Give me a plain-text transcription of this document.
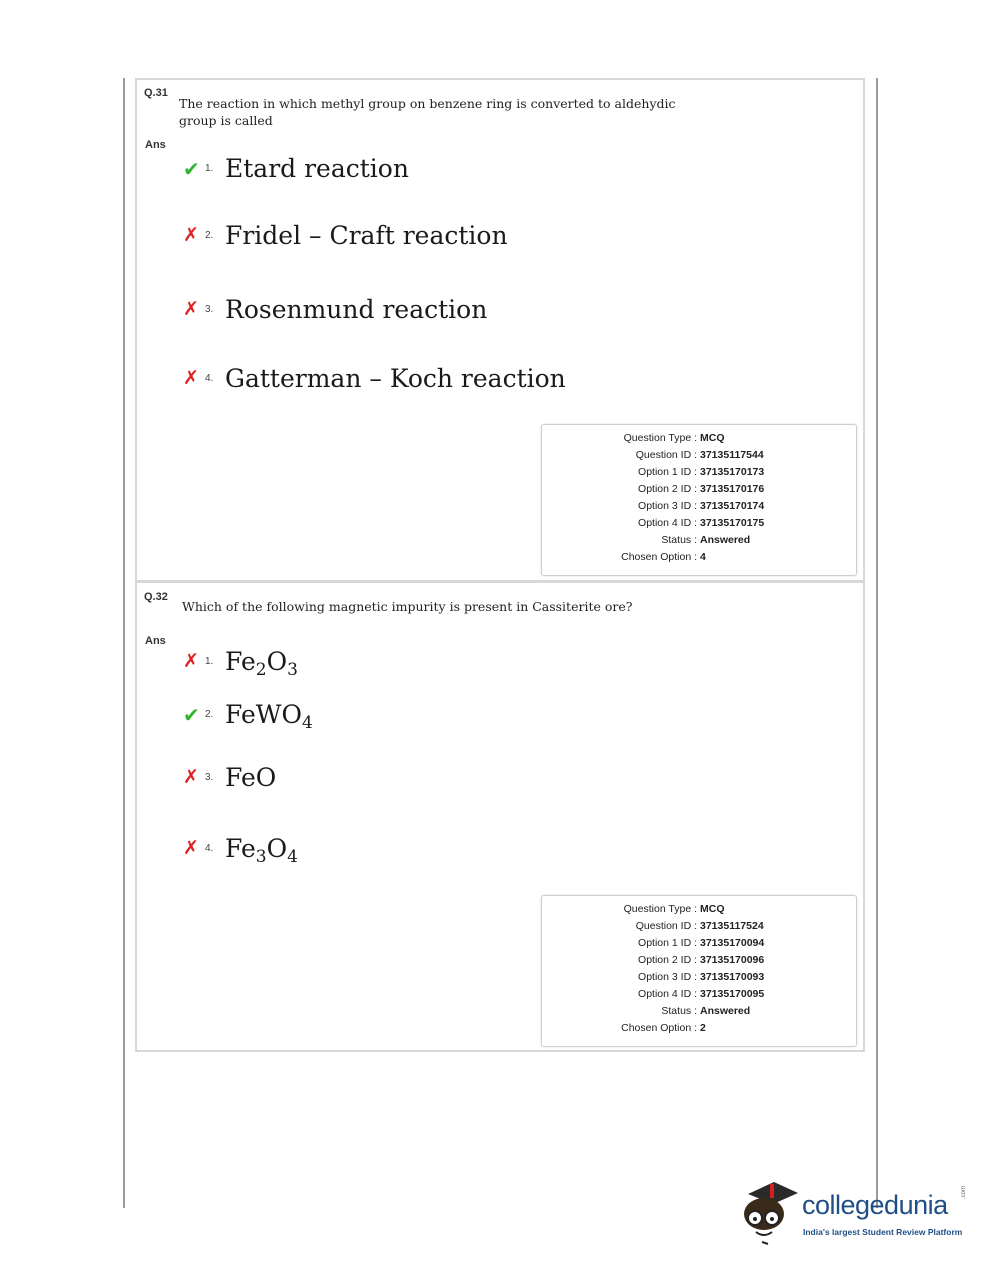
Q.31
The reaction in which methyl group on benzene ring is converted to aldehydic
group is called
Ans
✔ 1. Etard reaction
✗ 2. Fridel – Craft reaction
✗ 3. Rosenmund reaction
✗ 4. Gatterman – Koch reaction
Question Type : MCQ
Question ID : 37135117544
Option 1 ID : 37135170173
Option 2 ID : 37135170176
Option 3 ID : 37135170174
Option 4 ID : 37135170175
Status : Answered
Chosen Option : 4
Q.32
Which of the following magnetic impurity is present in Cassiterite ore?
Ans
✗ 1. $Fe_2O_3$
✔ 2. FeWO$_4$
✗ 3. FeO
✗ 4. $Fe_3O_4$
Question Type : MCQ
Question ID : 37135117524
Option 1 ID : 37135170094
Option 2 ID : 37135170096
Option 3 ID : 37135170093
Option 4 ID : 37135170095
Status : Answered
Chosen Option : 2
collegedunia .com
India's largest Student Review Platform
